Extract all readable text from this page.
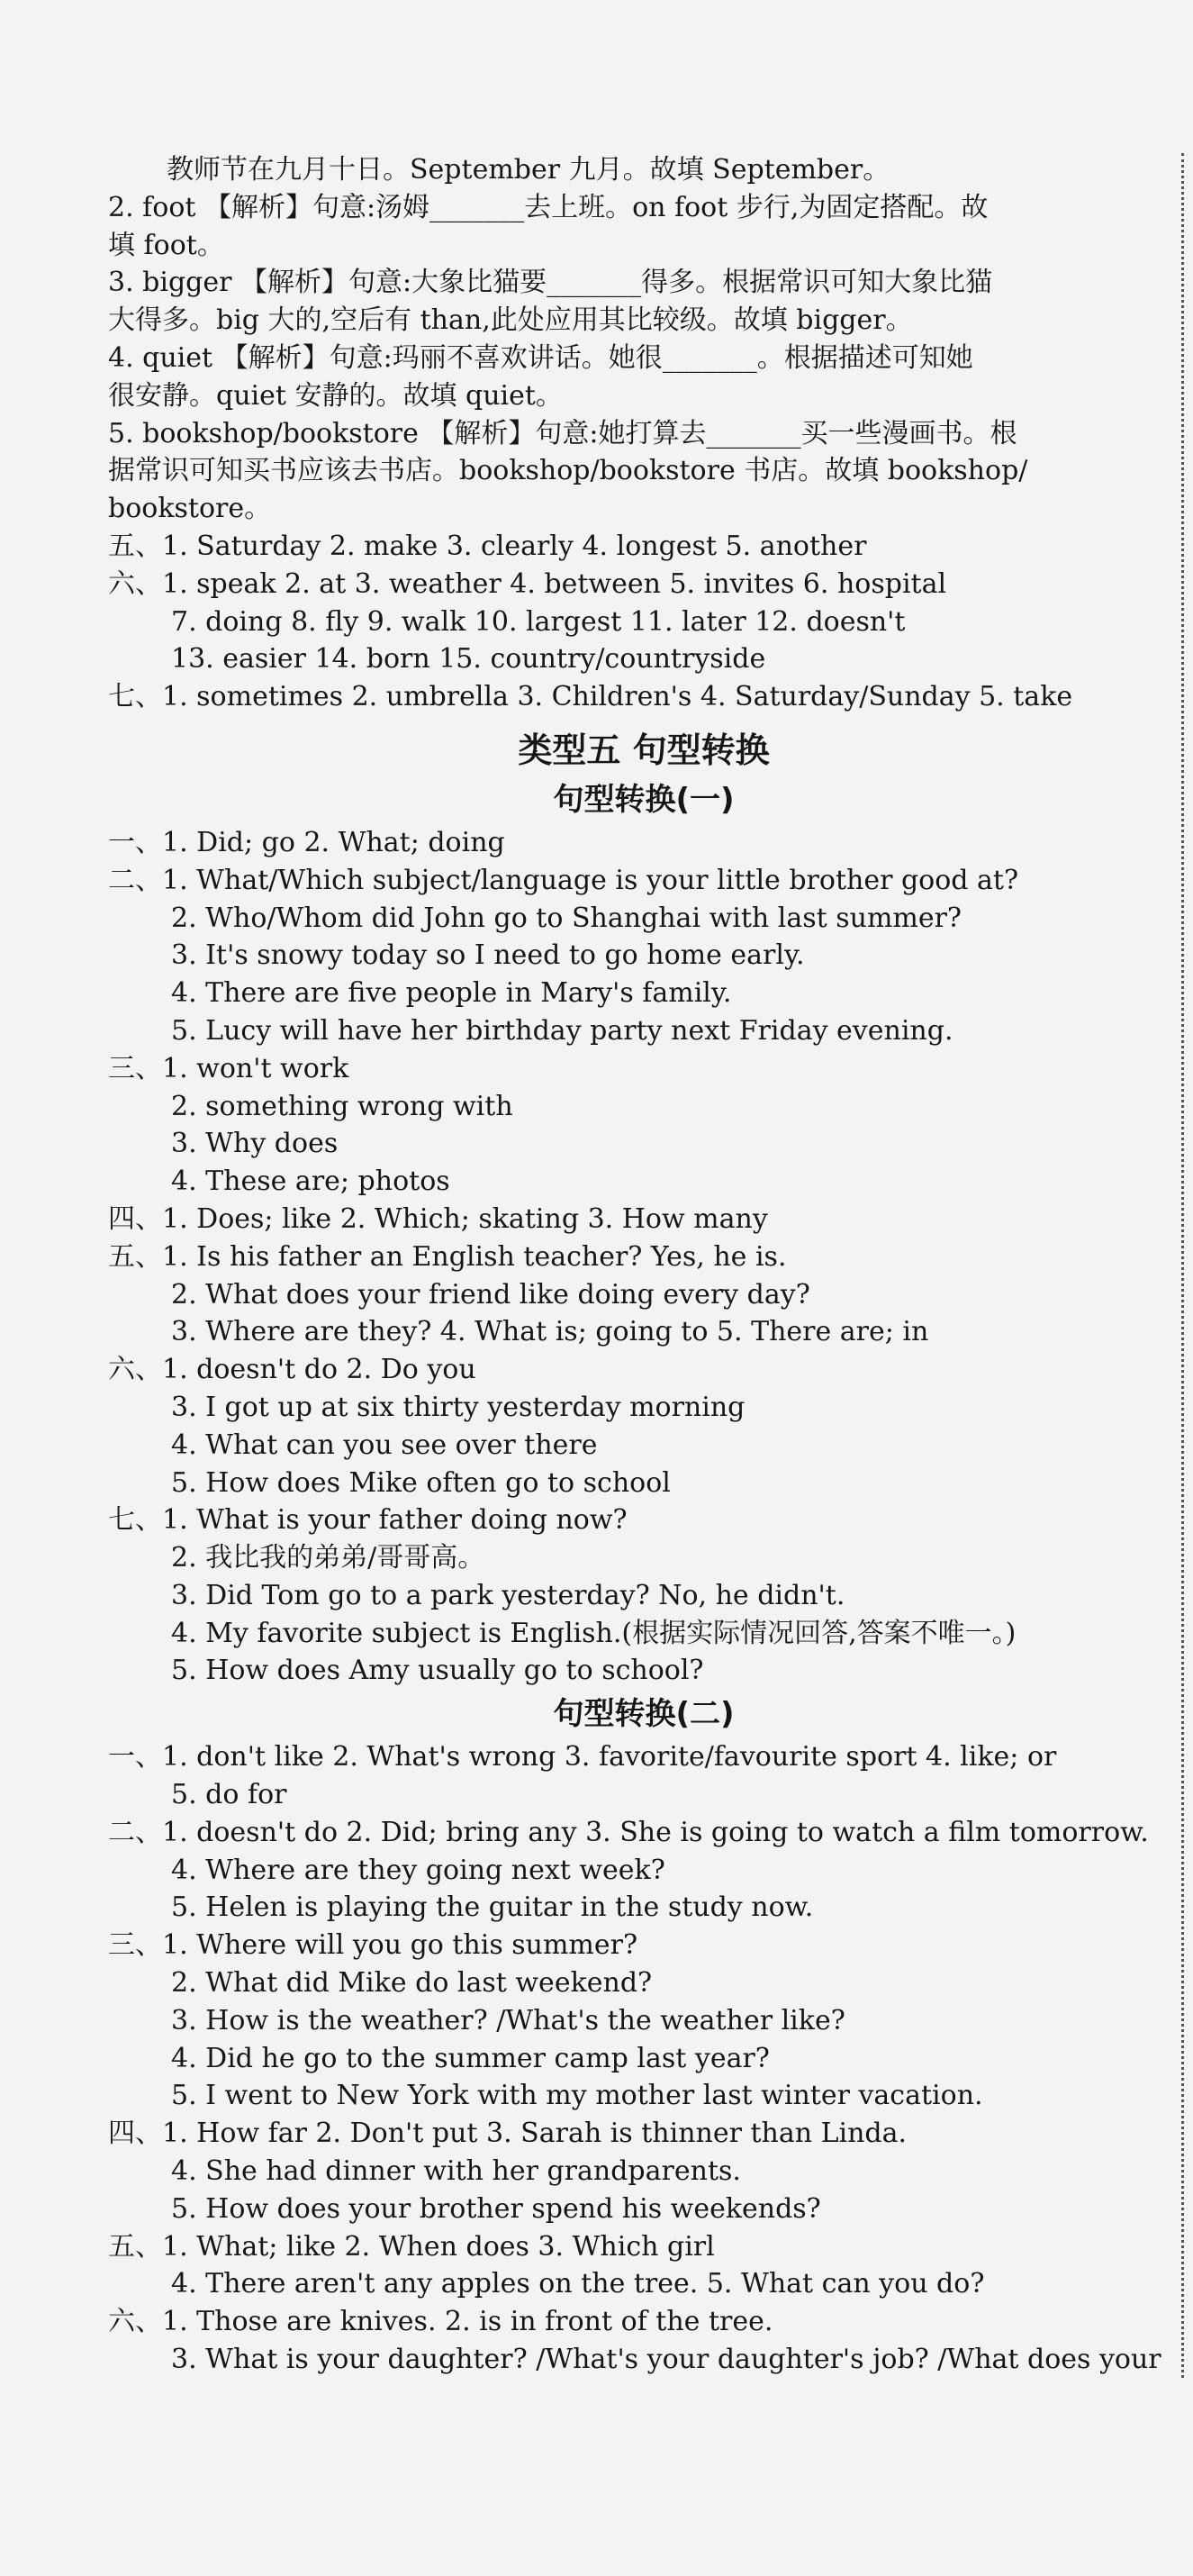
教师节在九月十日。September 九月。故填 September。
2. foot 【解析】句意:汤姆_______去上班。on foot 步行,为固定搭配。故
填 foot。
3. bigger 【解析】句意:大象比猫要_______得多。根据常识可知大象比猫
大得多。big 大的,空后有 than,此处应用其比较级。故填 bigger。
4. quiet 【解析】句意:玛丽不喜欢讲话。她很_______。根据描述可知她
很安静。quiet 安静的。故填 quiet。
5. bookshop/bookstore 【解析】句意:她打算去_______买一些漫画书。根
据常识可知买书应该去书店。bookshop/bookstore 书店。故填 bookshop/
bookstore。
五、1. Saturday 2. make 3. clearly 4. longest 5. another
六、1. speak 2. at 3. weather 4. between 5. invites 6. hospital
7. doing 8. fly 9. walk 10. largest 11. later 12. doesn't
13. easier 14. born 15. country/countryside
七、1. sometimes 2. umbrella 3. Children's 4. Saturday/Sunday 5. take
类型五 句型转换
句型转换(一)
一、1. Did; go 2. What; doing
二、1. What/Which subject/language is your little brother good at?
2. Who/Whom did John go to Shanghai with last summer?
3. It's snowy today so I need to go home early.
4. There are five people in Mary's family.
5. Lucy will have her birthday party next Friday evening.
三、1. won't work
2. something wrong with
3. Why does
4. These are; photos
四、1. Does; like 2. Which; skating 3. How many
五、1. Is his father an English teacher? Yes, he is.
2. What does your friend like doing every day?
3. Where are they? 4. What is; going to 5. There are; in
六、1. doesn't do 2. Do you
3. I got up at six thirty yesterday morning
4. What can you see over there
5. How does Mike often go to school
七、1. What is your father doing now?
2. 我比我的弟弟/哥哥高。
3. Did Tom go to a park yesterday? No, he didn't.
4. My favorite subject is English.(根据实际情况回答,答案不唯一。)
5. How does Amy usually go to school?
句型转换(二)
一、1. don't like 2. What's wrong 3. favorite/favourite sport 4. like; or
5. do for
二、1. doesn't do 2. Did; bring any 3. She is going to watch a film tomorrow.
4. Where are they going next week?
5. Helen is playing the guitar in the study now.
三、1. Where will you go this summer?
2. What did Mike do last weekend?
3. How is the weather? /What's the weather like?
4. Did he go to the summer camp last year?
5. I went to New York with my mother last winter vacation.
四、1. How far 2. Don't put 3. Sarah is thinner than Linda.
4. She had dinner with her grandparents.
5. How does your brother spend his weekends?
五、1. What; like 2. When does 3. Which girl
4. There aren't any apples on the tree. 5. What can you do?
六、1. Those are knives. 2. is in front of the tree.
3. What is your daughter? /What's your daughter's job? /What does your
